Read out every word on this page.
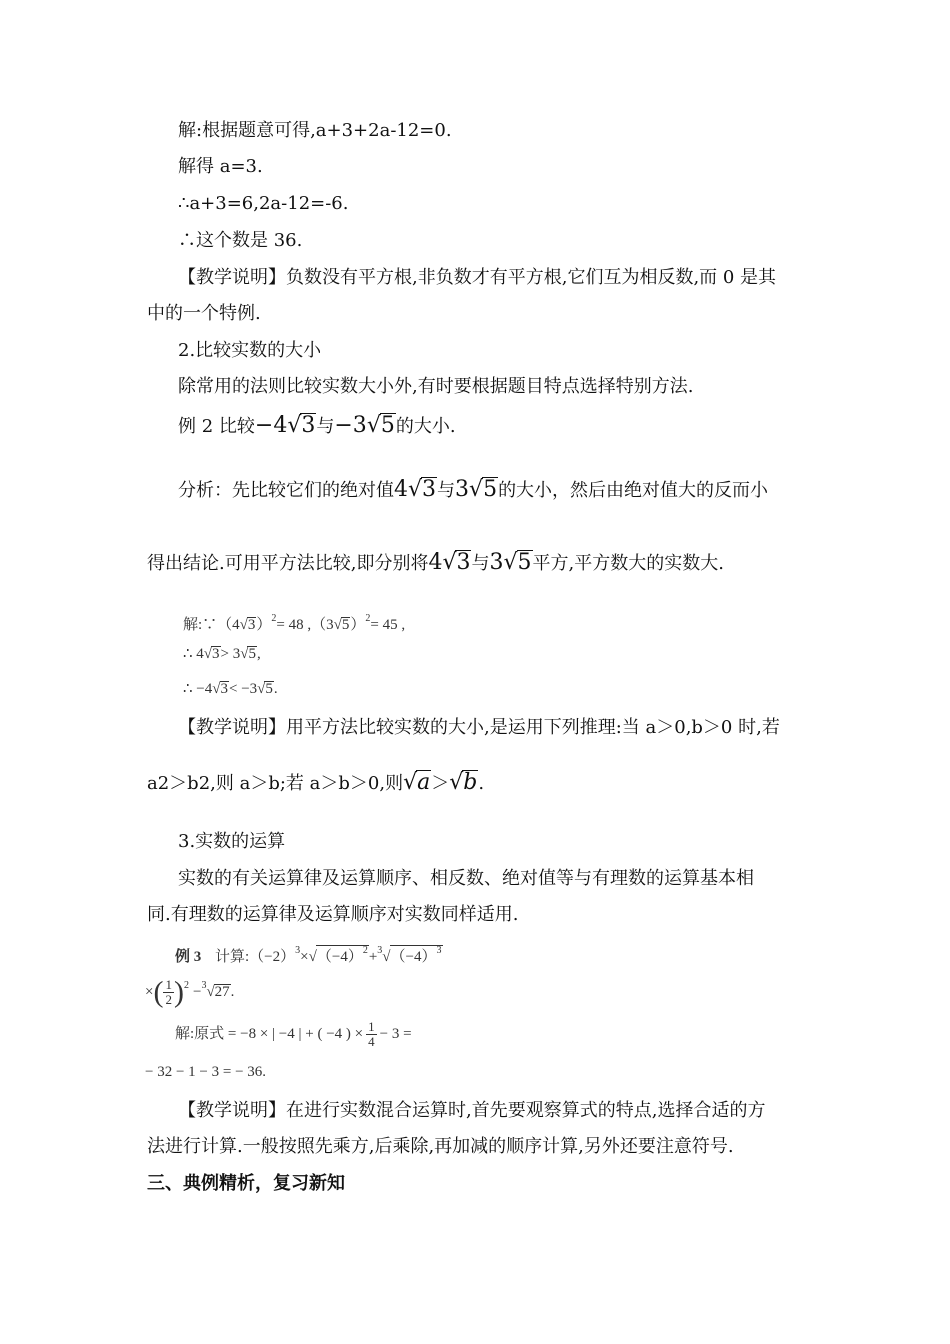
解:根据题意可得,a+3+2a-12=0.
解得 a=3.
∴a+3=6,2a-12=-6.
∴这个数是 36.
【教学说明】负数没有平方根,非负数才有平方根,它们互为相反数,而 0 是其
中的一个特例.
2.比较实数的大小
除常用的法则比较实数大小外,有时要根据题目特点选择特别方法.
例 2 比较−4√3与−3√5的大小.
分析：先比较它们的绝对值4√3与3√5的大小，然后由绝对值大的反而小
得出结论.可用平方法比较,即分别将4√3与3√5平方,平方数大的实数大.
解$:\because(4√3)^2= 48$ $,(3√5)^2= 45$ ,
∴ 4√3> 3√5,
∴ −4√3< −3√5.
【教学说明】用平方法比较实数的大小,是运用下列推理:当 a＞0,b＞0 时,若
a2＞b2,则 a＞b;若 a＞b＞0,则√a＞√b.
3.实数的运算
实数的有关运算律及运算顺序、相反数、绝对值等与有理数的运算基本相
同.有理数的运算律及运算顺序对实数同样适用.
例 3 计算$:(-2)^3\times√(-4)^2+^3√(-4)^3$
×( $\frac{1}{2} )^2 -^3√27$.
解:原式 = −8 × | −4 | + ( −4 ) × $\frac{1}{4} - 3$ =
− 32 − 1 − 3 = − 36.
【教学说明】在进行实数混合运算时,首先要观察算式的特点,选择合适的方
法进行计算.一般按照先乘方,后乘除,再加减的顺序计算,另外还要注意符号.
三、典例精析，复习新知
